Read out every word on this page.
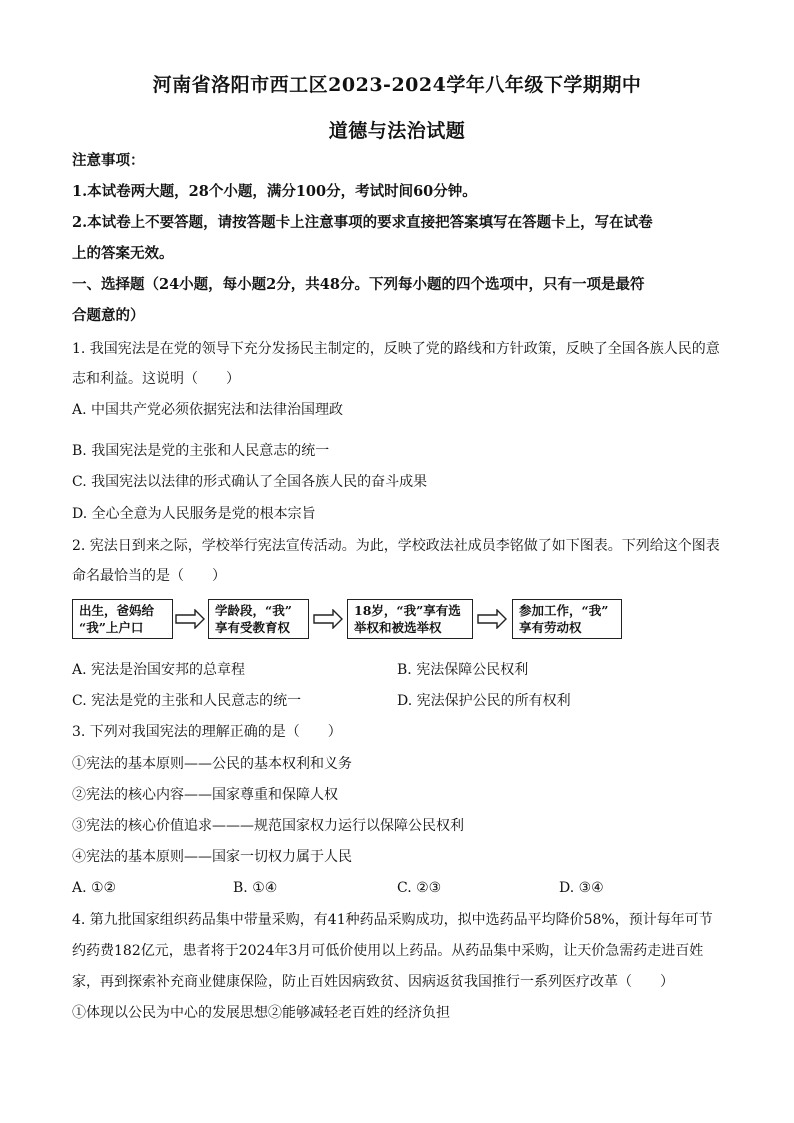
河南省洛阳市西工区2023-2024学年八年级下学期期中
道德与法治试题
注意事项：
1.本试卷两大题，28个小题，满分100分，考试时间60分钟。
2.本试卷上不要答题，请按答题卡上注意事项的要求直接把答案填写在答题卡上，写在试卷
上的答案无效。
一、选择题（24小题，每小题2分，共48分。下列每小题的四个选项中，只有一项是最符
合题意的）
1. 我国宪法是在党的领导下充分发扬民主制定的，反映了党的路线和方针政策，反映了全国各族人民的意
志和利益。这说明（　　）
A. 中国共产党必须依据宪法和法律治国理政
B. 我国宪法是党的主张和人民意志的统一
C. 我国宪法以法律的形式确认了全国各族人民的奋斗成果
D. 全心全意为人民服务是党的根本宗旨
2. 宪法日到来之际，学校举行宪法宣传活动。为此，学校政法社成员李铭做了如下图表。下列给这个图表
命名最恰当的是（　　）
出生，爸妈给
“我”上户口
学龄段，“我”
享有受教育权
18岁，“我”享有选
举权和被选举权
参加工作，“我”
享有劳动权
A. 宪法是治国安邦的总章程	B. 宪法保障公民权利
C. 宪法是党的主张和人民意志的统一	D. 宪法保护公民的所有权利
3. 下列对我国宪法的理解正确的是（　　）
①宪法的基本原则——公民的基本权利和义务
②宪法的核心内容——国家尊重和保障人权
③宪法的核心价值追求———规范国家权力运行以保障公民权利
④宪法的基本原则——国家一切权力属于人民
A. ①②	B. ①④	C. ②③	D. ③④
4. 第九批国家组织药品集中带量采购，有41种药品采购成功，拟中选药品平均降价58%，预计每年可节
约药费182亿元，患者将于2024年3月可低价使用以上药品。从药品集中采购，让天价急需药走进百姓
家，再到探索补充商业健康保险，防止百姓因病致贫、因病返贫我国推行一系列医疗改革（　　）
①体现以公民为中心的发展思想②能够减轻老百姓的经济负担
